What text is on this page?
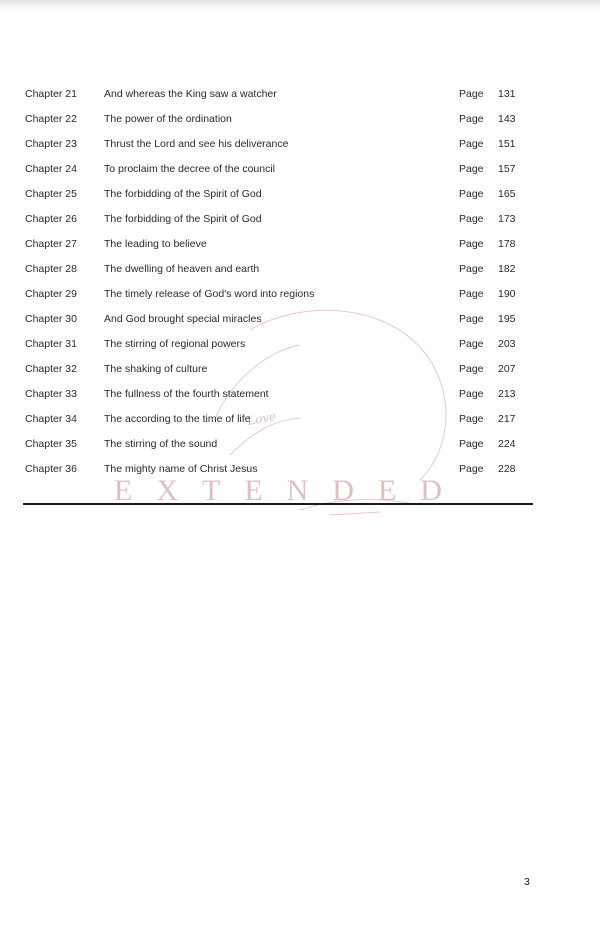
Love
EXTENDED
Chapter 21	And whereas the King saw a watcher	Page 131
Chapter 22	The power of the ordination	Page 143
Chapter 23	Thrust the Lord and see his deliverance	Page 151
Chapter 24	To proclaim the decree of the council	Page 157
Chapter 25	The forbidding of the Spirit of God	Page 165
Chapter 26	The forbidding of the Spirit of God	Page 173
Chapter 27	The leading to believe	Page 178
Chapter 28	The dwelling of heaven and earth	Page 182
Chapter 29	The timely release of God's word into regions	Page 190
Chapter 30	And God brought special miracles	Page 195
Chapter 31	The stirring of regional powers	Page 203
Chapter 32	The shaking of culture	Page 207
Chapter 33	The fullness of the fourth statement	Page 213
Chapter 34	The according to the time of life	Page 217
Chapter 35	The stirring of the sound	Page 224
Chapter 36	The mighty name of Christ Jesus	Page 228
3
